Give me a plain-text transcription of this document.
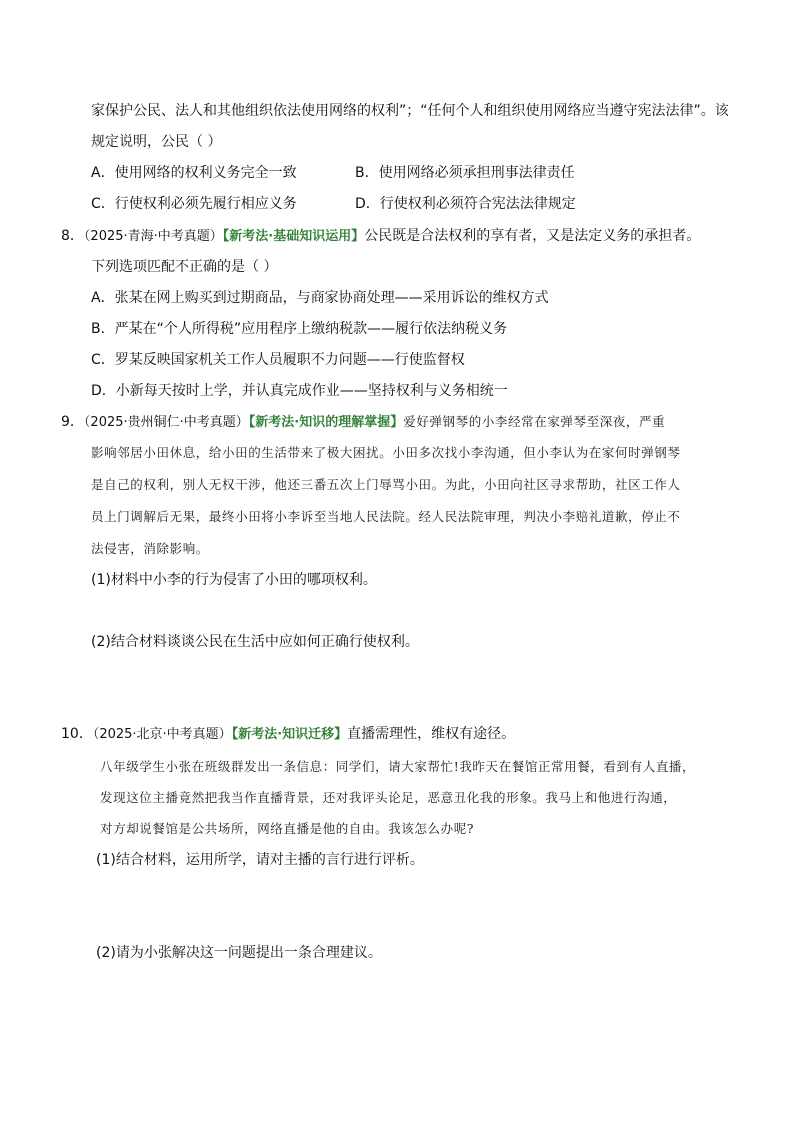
家保护公民、法人和其他组织依法使用网络的权利”；“任何个人和组织使用网络应当遵守宪法法律”。该
规定说明，公民（ ）
A．使用网络的权利义务完全一致	B．使用网络必须承担刑事法律责任
C．行使权利必须先履行相应义务	D．行使权利必须符合宪法法律规定
8．（2025·青海·中考真题）【新考法·基础知识运用】公民既是合法权利的享有者，又是法定义务的承担者。
下列选项匹配不正确的是（ ）
A．张某在网上购买到过期商品，与商家协商处理——采用诉讼的维权方式
B．严某在“个人所得税”应用程序上缴纳税款——履行依法纳税义务
C．罗某反映国家机关工作人员履职不力问题——行使监督权
D．小新每天按时上学，并认真完成作业——坚持权利与义务相统一
9．（2025·贵州铜仁·中考真题）【新考法·知识的理解掌握】爱好弹钢琴的小李经常在家弹琴至深夜，严重
影响邻居小田休息，给小田的生活带来了极大困扰。小田多次找小李沟通，但小李认为在家何时弹钢琴
是自己的权利，别人无权干涉，他还三番五次上门辱骂小田。为此，小田向社区寻求帮助，社区工作人
员上门调解后无果，最终小田将小李诉至当地人民法院。经人民法院审理，判决小李赔礼道歉，停止不
法侵害，消除影响。
(1)材料中小李的行为侵害了小田的哪项权利。
(2)结合材料谈谈公民在生活中应如何正确行使权利。
10．（2025·北京·中考真题）【新考法·知识迁移】直播需理性，维权有途径。
八年级学生小张在班级群发出一条信息：同学们，请大家帮忙!我昨天在餐馆正常用餐，看到有人直播，
发现这位主播竟然把我当作直播背景，还对我评头论足，恶意丑化我的形象。我马上和他进行沟通，
对方却说餐馆是公共场所，网络直播是他的自由。我该怎么办呢?
(1)结合材料，运用所学，请对主播的言行进行评析。
(2)请为小张解决这一问题提出一条合理建议。
